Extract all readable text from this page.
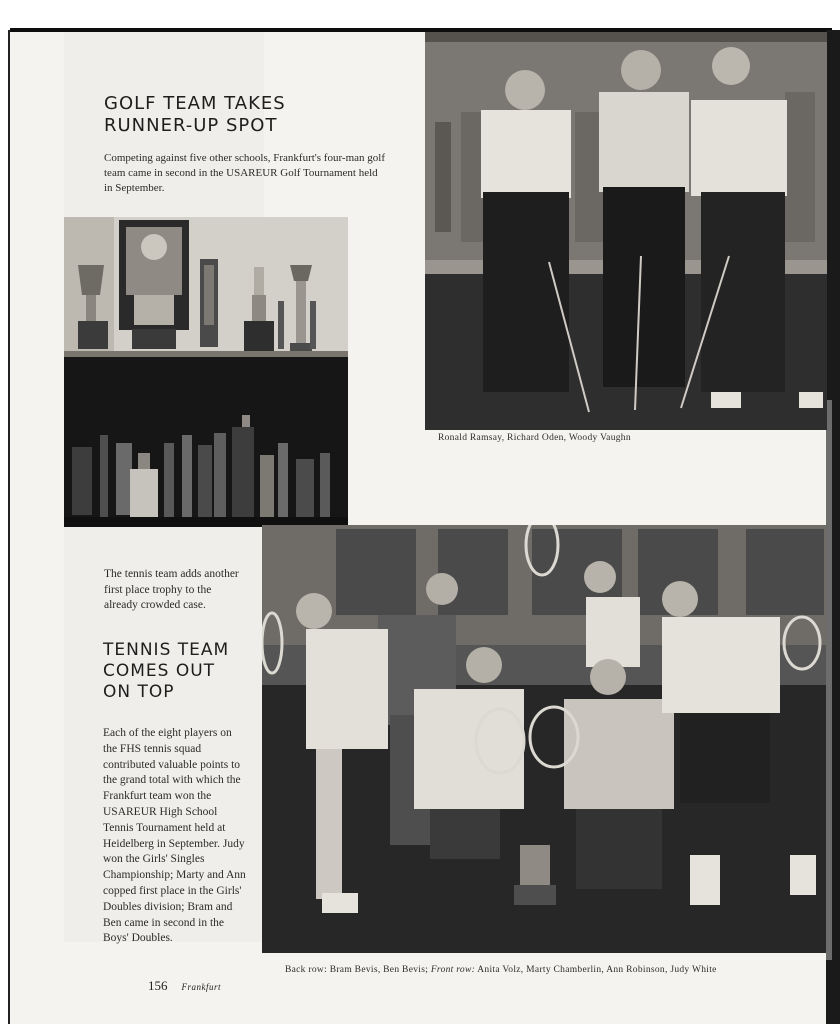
GOLF TEAM TAKES
RUNNER-UP SPOT

Competing against five other schools, Frankfurt's four-man golf team came in second in the USAREUR Golf Tournament held in September.

Ronald Ramsay, Richard Oden, Woody Vaughn

The tennis team adds another first place trophy to the already crowded case.

TENNIS TEAM
COMES OUT
ON TOP

Each of the eight players on the FHS tennis squad contributed valuable points to the grand total with which the Frankfurt team won the USAREUR High School Tennis Tournament held at Heidelberg in September. Judy won the Girls' Singles Championship; Marty and Ann copped first place in the Girls' Doubles division; Bram and Ben came in second in the Boys' Doubles.

Back row: Bram Bevis, Ben Bevis; Front row: Anita Volz, Marty Chamberlin, Ann Robinson, Judy White

156 Frankfurt
